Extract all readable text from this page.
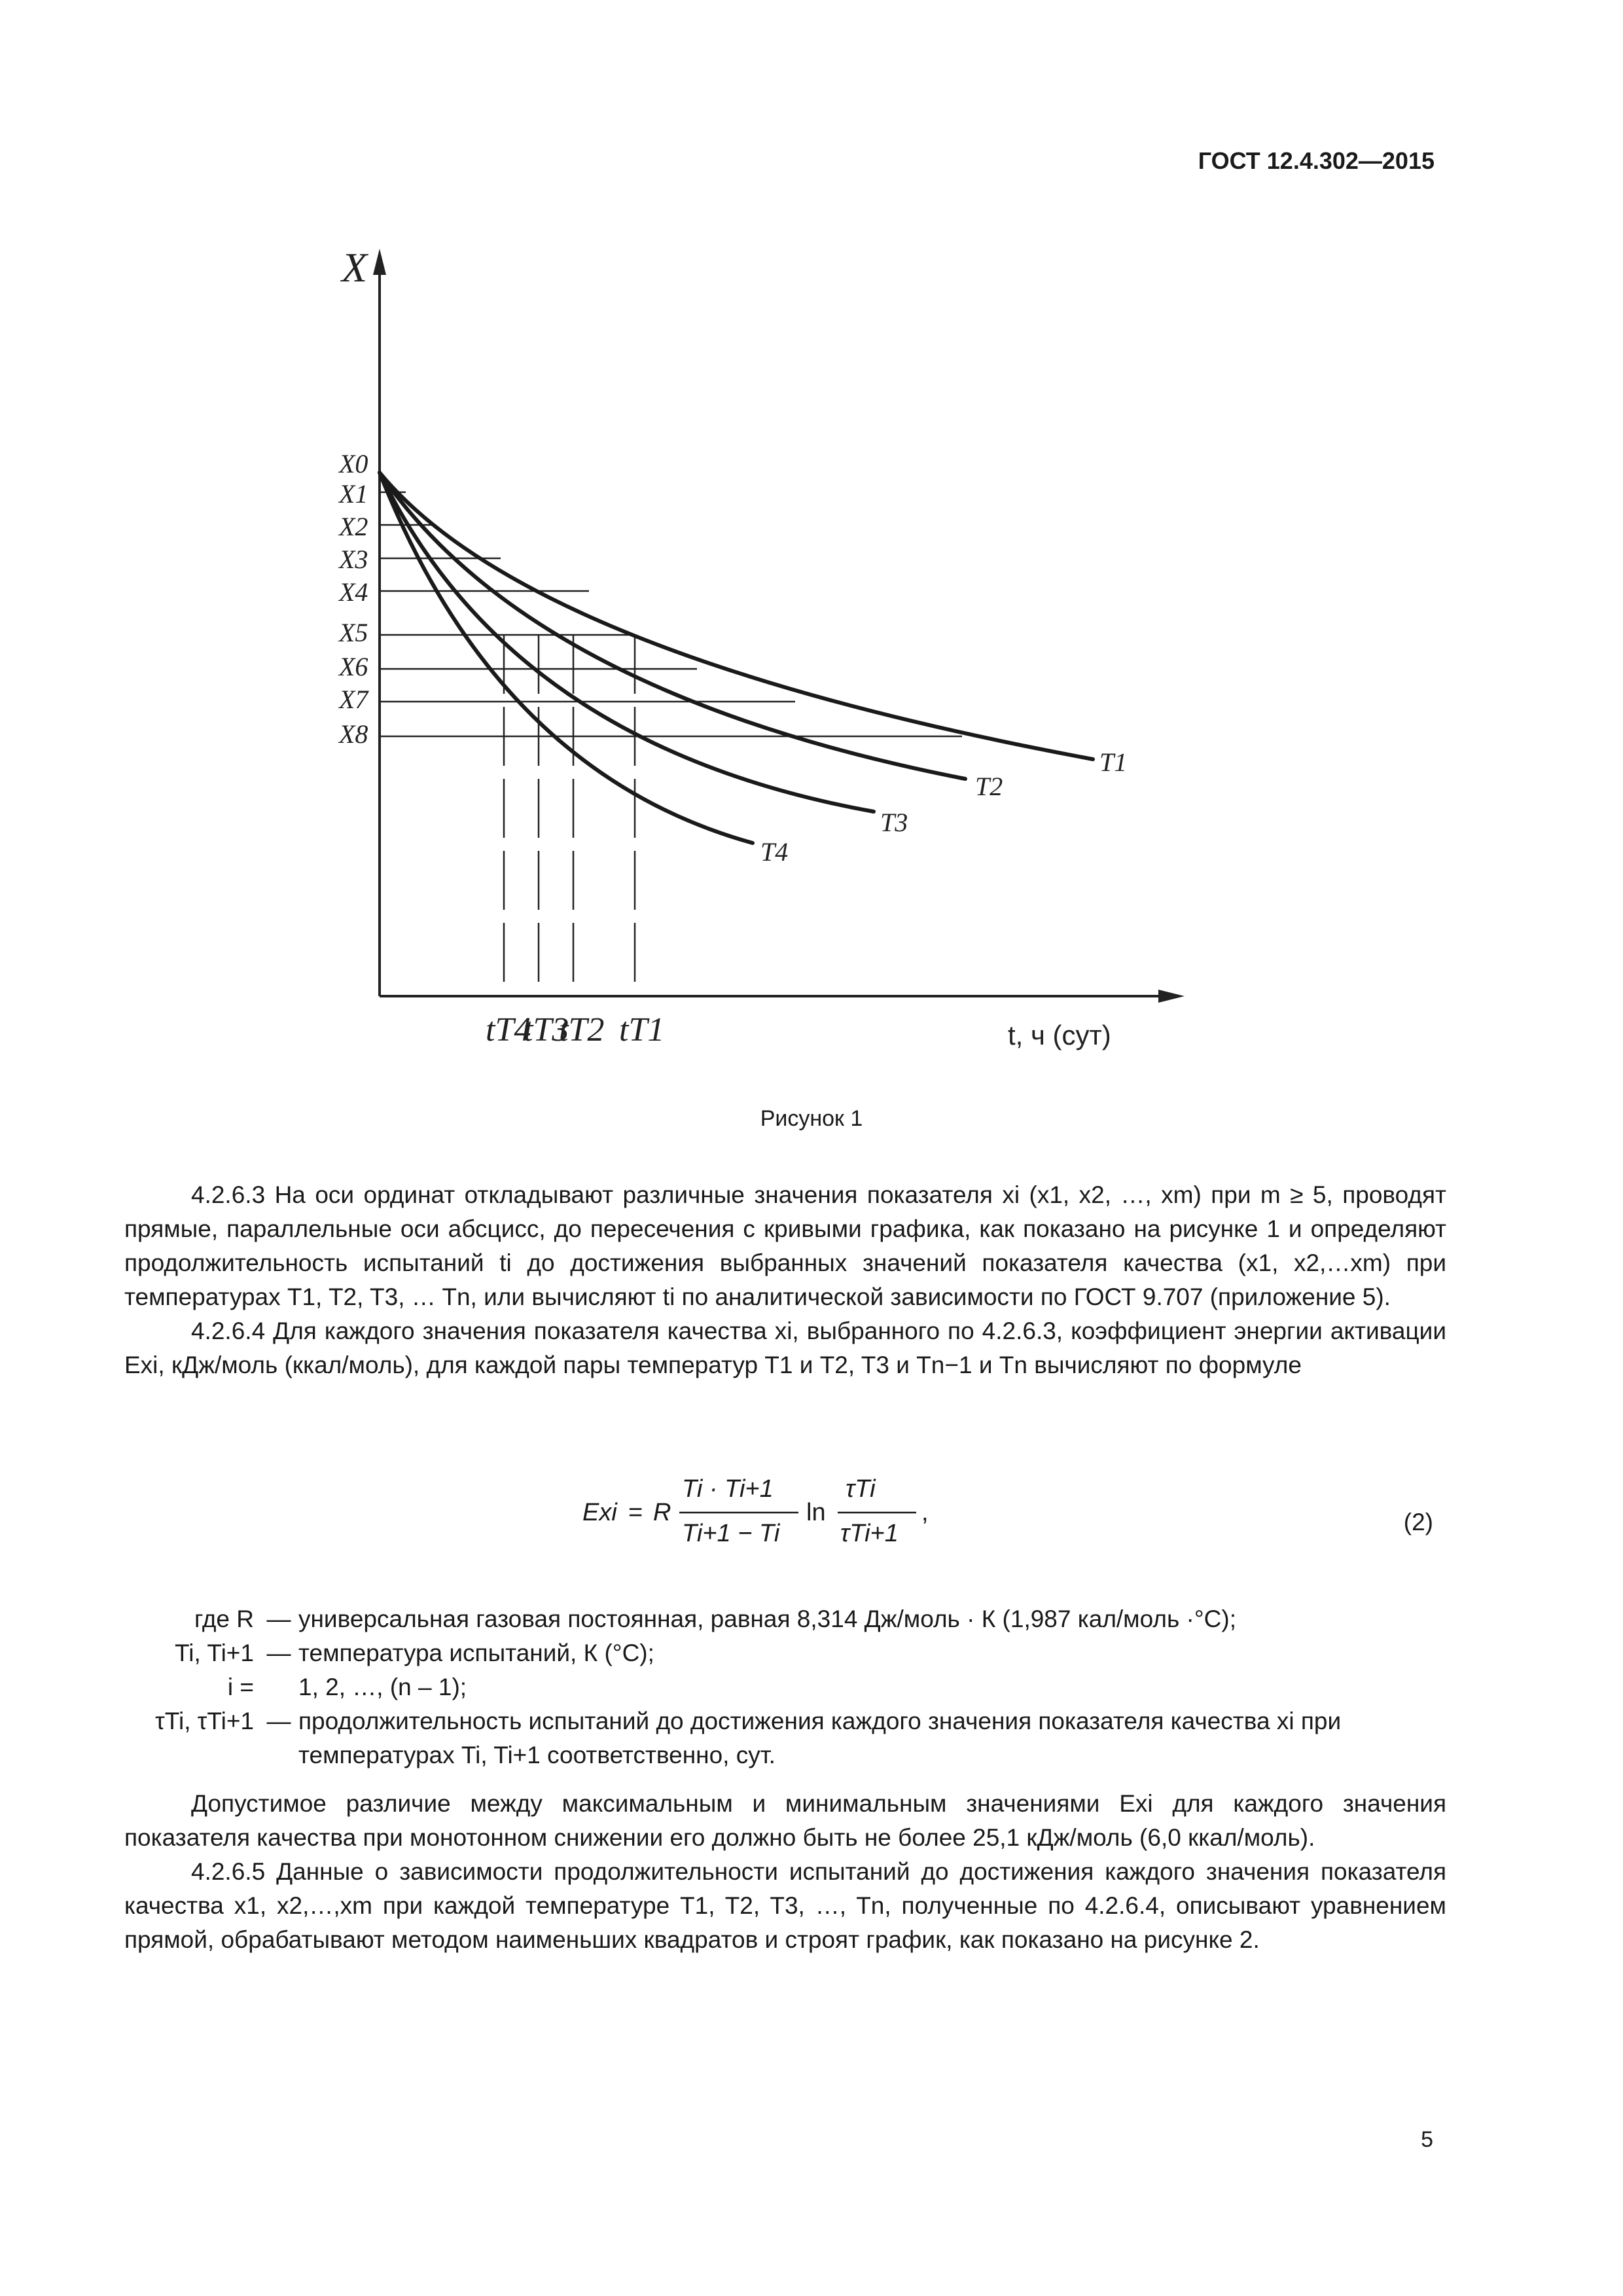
ГОСТ 12.4.302—2015
X
T1
T2
T3
T4
X0
X1
X2
X3
X4
X5
X6
X7
X8
tT4
tT3
tT2 tT1	t, ч (сут)
Рисунок 1

4.2.6.3 На оси ординат откладывают различные значения показателя xi (x1, x2, …, xm) при m ≥ 5, проводят прямые, параллельные оси абсцисс, до пересечения с кривыми графика, как показано на рисунке 1 и определяют продолжительность испытаний ti до достижения выбранных значений показателя качества (x1, x2,…xm) при температурах T1, T2, T3, … Tn, или вычисляют ti по аналитической зависимости по ГОСТ 9.707 (приложение 5).

4.2.6.4 Для каждого значения показателя качества xi, выбранного по 4.2.6.3, коэффициент энергии активации Exi, кДж/моль (ккал/моль), для каждой пары температур T1 и T2, T3 и Tn−1 и Tn вычисляют по формуле

Exi = R
Ti · Ti+1
Ti+1 − Ti
ln
τTi
τTi+1
,	(2)
где R — универсальная газовая постоянная, равная 8,314 Дж/моль · К (1,987 кал/моль ·°С);
Ti, Ti+1 — температура испытаний, К (°С);
i = 1, 2, …, (n – 1);
τTi, τTi+1 — продолжительность испытаний до достижения каждого значения показателя качества xi при температурах Ti, Ti+1 соответственно, сут.

Допустимое различие между максимальным и минимальным значениями Exi для каждого значения показателя качества при монотонном снижении его должно быть не более 25,1 кДж/моль (6,0 ккал/моль).

4.2.6.5 Данные о зависимости продолжительности испытаний до достижения каждого значения показателя качества x1, x2,…,xm при каждой температуре T1, T2, T3, …, Tn, полученные по 4.2.6.4, описывают уравнением прямой, обрабатывают методом наименьших квадратов и строят график, как показано на рисунке 2.

5
